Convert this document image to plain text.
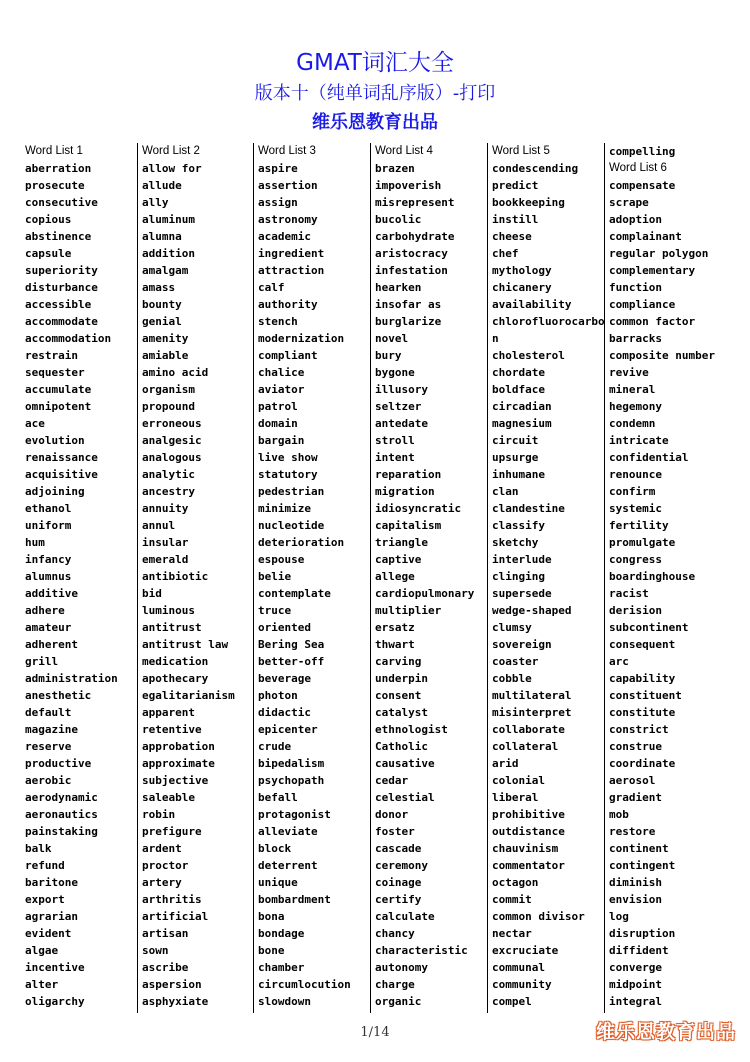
GMAT词汇大全
版本十（纯单词乱序版）-打印
维乐恩教育出品
Word List 1
aberration
prosecute
consecutive
copious
abstinence
capsule
superiority
disturbance
accessible
accommodate
accommodation
restrain
sequester
accumulate
omnipotent
ace
evolution
renaissance
acquisitive
adjoining
ethanol
uniform
hum
infancy
alumnus
additive
adhere
amateur
adherent
grill
administration
anesthetic
default
magazine
reserve
productive
aerobic
aerodynamic
aeronautics
painstaking
balk
refund
baritone
export
agrarian
evident
algae
incentive
alter
oligarchy
Word List 2
allow for
allude
ally
aluminum
alumna
addition
amalgam
amass
bounty
genial
amenity
amiable
amino acid
organism
propound
erroneous
analgesic
analogous
analytic
ancestry
annuity
annul
insular
emerald
antibiotic
bid
luminous
antitrust
antitrust law
medication
apothecary
egalitarianism
apparent
retentive
approbation
approximate
subjective
saleable
robin
prefigure
ardent
proctor
artery
arthritis
artificial
artisan
sown
ascribe
aspersion
asphyxiate
Word List 3
aspire
assertion
assign
astronomy
academic
ingredient
attraction
calf
authority
stench
modernization
compliant
chalice
aviator
patrol
domain
bargain
live show
statutory
pedestrian
minimize
nucleotide
deterioration
espouse
belie
contemplate
truce
oriented
Bering Sea
better-off
beverage
photon
didactic
epicenter
crude
bipedalism
psychopath
befall
protagonist
alleviate
block
deterrent
unique
bombardment
bona
bondage
bone
chamber
circumlocution
slowdown
Word List 4
brazen
impoverish
misrepresent
bucolic
carbohydrate
aristocracy
infestation
hearken
insofar as
burglarize
novel
bury
bygone
illusory
seltzer
antedate
stroll
intent
reparation
migration
idiosyncratic
capitalism
triangle
captive
allege
cardiopulmonary
multiplier
ersatz
thwart
carving
underpin
consent
catalyst
ethnologist
Catholic
causative
cedar
celestial
donor
foster
cascade
ceremony
coinage
certify
calculate
chancy
characteristic
autonomy
charge
organic
Word List 5
condescending
predict
bookkeeping
instill
cheese
chef
mythology
chicanery
availability
chlorofluorocarbo
n
cholesterol
chordate
boldface
circadian
magnesium
circuit
upsurge
inhumane
clan
clandestine
classify
sketchy
interlude
clinging
supersede
wedge-shaped
clumsy
sovereign
coaster
cobble
multilateral
misinterpret
collaborate
collateral
arid
colonial
liberal
prohibitive
outdistance
chauvinism
commentator
octagon
commit
common divisor
nectar
excruciate
communal
community
compel
compelling
Word List 6
compensate
scrape
adoption
complainant
regular polygon
complementary
function
compliance
common factor
barracks
composite number
revive
mineral
hegemony
condemn
intricate
confidential
renounce
confirm
systemic
fertility
promulgate
congress
boardinghouse
racist
derision
subcontinent
consequent
arc
capability
constituent
constitute
constrict
construe
coordinate
aerosol
gradient
mob
restore
continent
contingent
diminish
envision
log
disruption
diffident
converge
midpoint
integral
1/14	维乐恩教育出品
